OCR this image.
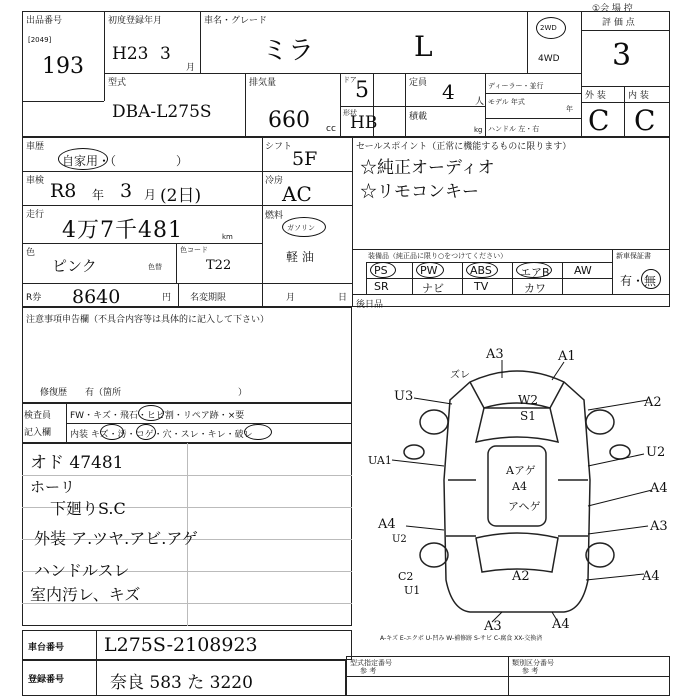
①会 場 控
出品番号
[2049]
193
初度登録年月
H23 3
月
車名・グレード
ミラ	L
2WD
4WD
評 価 点
3
外 装 内 装
C C
型式
DBA-L275S
排気量
660 cc
ドア
5
形状
HB
定員 4 人
積載
kg
ディーラー・並行
モデル 年式
年
ハンドル 左・右
車歴
自家用・（　　　　　）
シフト
5F
車検 R8 年 3 月 (2日)
冷房
AC
走行
4万7千481	km
燃料
ガソリン
軽 油
色
ピンク	色替
色コード
T22
R券 8640	円 名変期限	月	日
セールスポイント（正常に機能するものに限ります）
☆純正オーディオ
☆リモコンキー
装備品（純正品に限り○をつけてください）	新車保証書
PS	PW	ABS	エアB AW
SR	ナビ	TV	カワ
有・無
後日品
注意事項申告欄（不具合内容等は具体的に記入して下さい）
修復歴　　有（箇所　　　　　　　　　　　　　）
検査員
記入欄
FW・キズ・飛石・ヒビ割・リペア跡・×要
内装 キズ・汚・コゲ・穴・スレ・キレ・破レ
オド 47481
ホーリ
下廻りS.C
外装 ア.ツヤ.アビ.アゲ
ハンドルスレ
室内汚レ、キズ
A3	A1
ズレ
U3	A2
W2
S1
U2
UA1
Aアゲ
A4
アヘゲ
A4
A3
A4
U2
A2
C2
U1
A4
A3	A4
A-キズ E-エクボ U-凹み W-補修跡 S-サビ C-腐食 XX-交換済
車台番号 L275S-2108923
登録番号	奈良 583 た 3220
型式指定番号
参 考
類別区分番号
参 考
